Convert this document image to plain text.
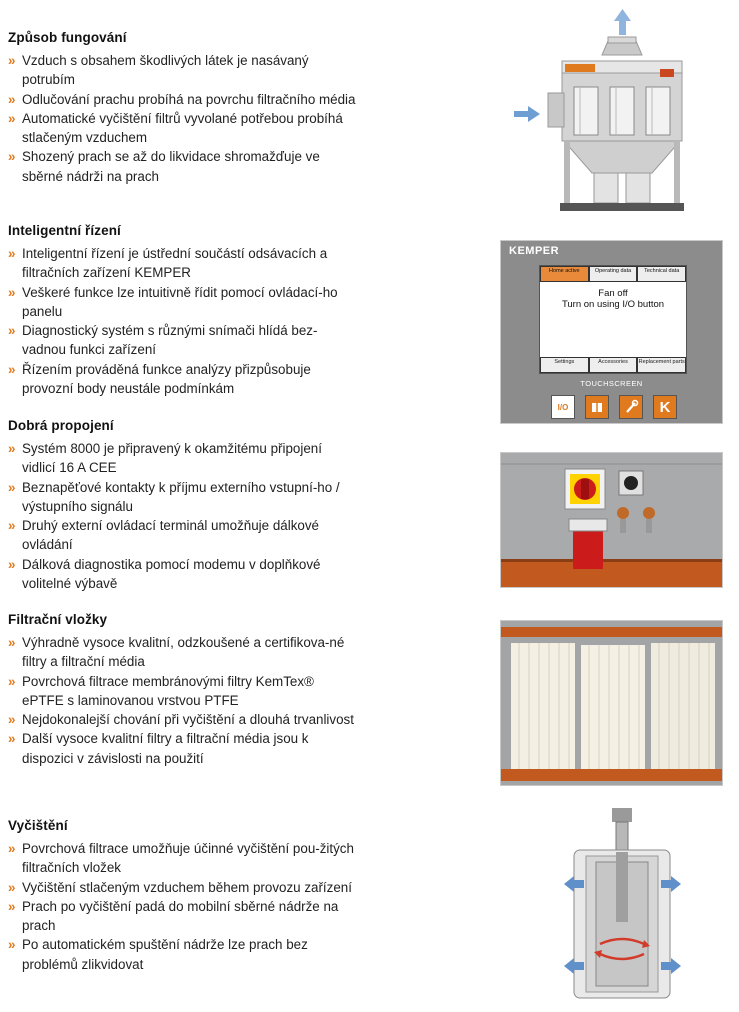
Způsob fungování
» Vzduch s obsahem škodlivých látek je nasávaný potrubím
» Odlučování prachu probíhá na povrchu filtračního média
» Automatické vyčištění filtrů vyvolané potřebou probíhá stlačeným vzduchem
» Shozený prach se až do likvidace shromažďuje ve sběrné nádrži na prach
Inteligentní řízení
» Inteligentní řízení je ústřední součástí odsávacích a filtračních zařízení KEMPER
» Veškeré funkce lze intuitivně řídit pomocí ovládací-ho panelu
» Diagnostický systém s různými snímači hlídá bez-vadnou funkci zařízení
» Řízením prováděná funkce analýzy přizpůsobuje provozní body neustále podmínkám
Dobrá propojení
» Systém 8000 je připravený k okamžitému připojení vidlicí 16 A CEE
» Beznapěťové kontakty k příjmu externího vstupní-ho / výstupního signálu
» Druhý externí ovládací terminál umožňuje dálkové ovládání
» Dálková diagnostika pomocí modemu v doplňkové volitelné výbavě
Filtrační vložky
» Výhradně vysoce kvalitní, odzkoušené a certifikova-né filtry a filtrační média
» Povrchová filtrace membránovými filtry KemTex® ePTFE s laminovanou vrstvou PTFE
» Nejdokonalejší chování při vyčištění a dlouhá trvanlivost
» Další vysoce kvalitní filtry a filtrační média jsou k dispozici v závislosti na použití
Vyčištění
» Povrchová filtrace umožňuje účinné vyčištění pou-žitých filtračních vložek
» Vyčištění stlačeným vzduchem během provozu zařízení
» Prach po vyčištění padá do mobilní sběrné nádrže na prach
» Po automatickém spuštění nádrže lze prach bez problémů zlikvidovat
KEMPER
Home active	Operating data	Technical data
Fan off
Turn on using I/O button
Settings	Accessories	Replacement parts
TOUCHSCREEN
I/O	K
